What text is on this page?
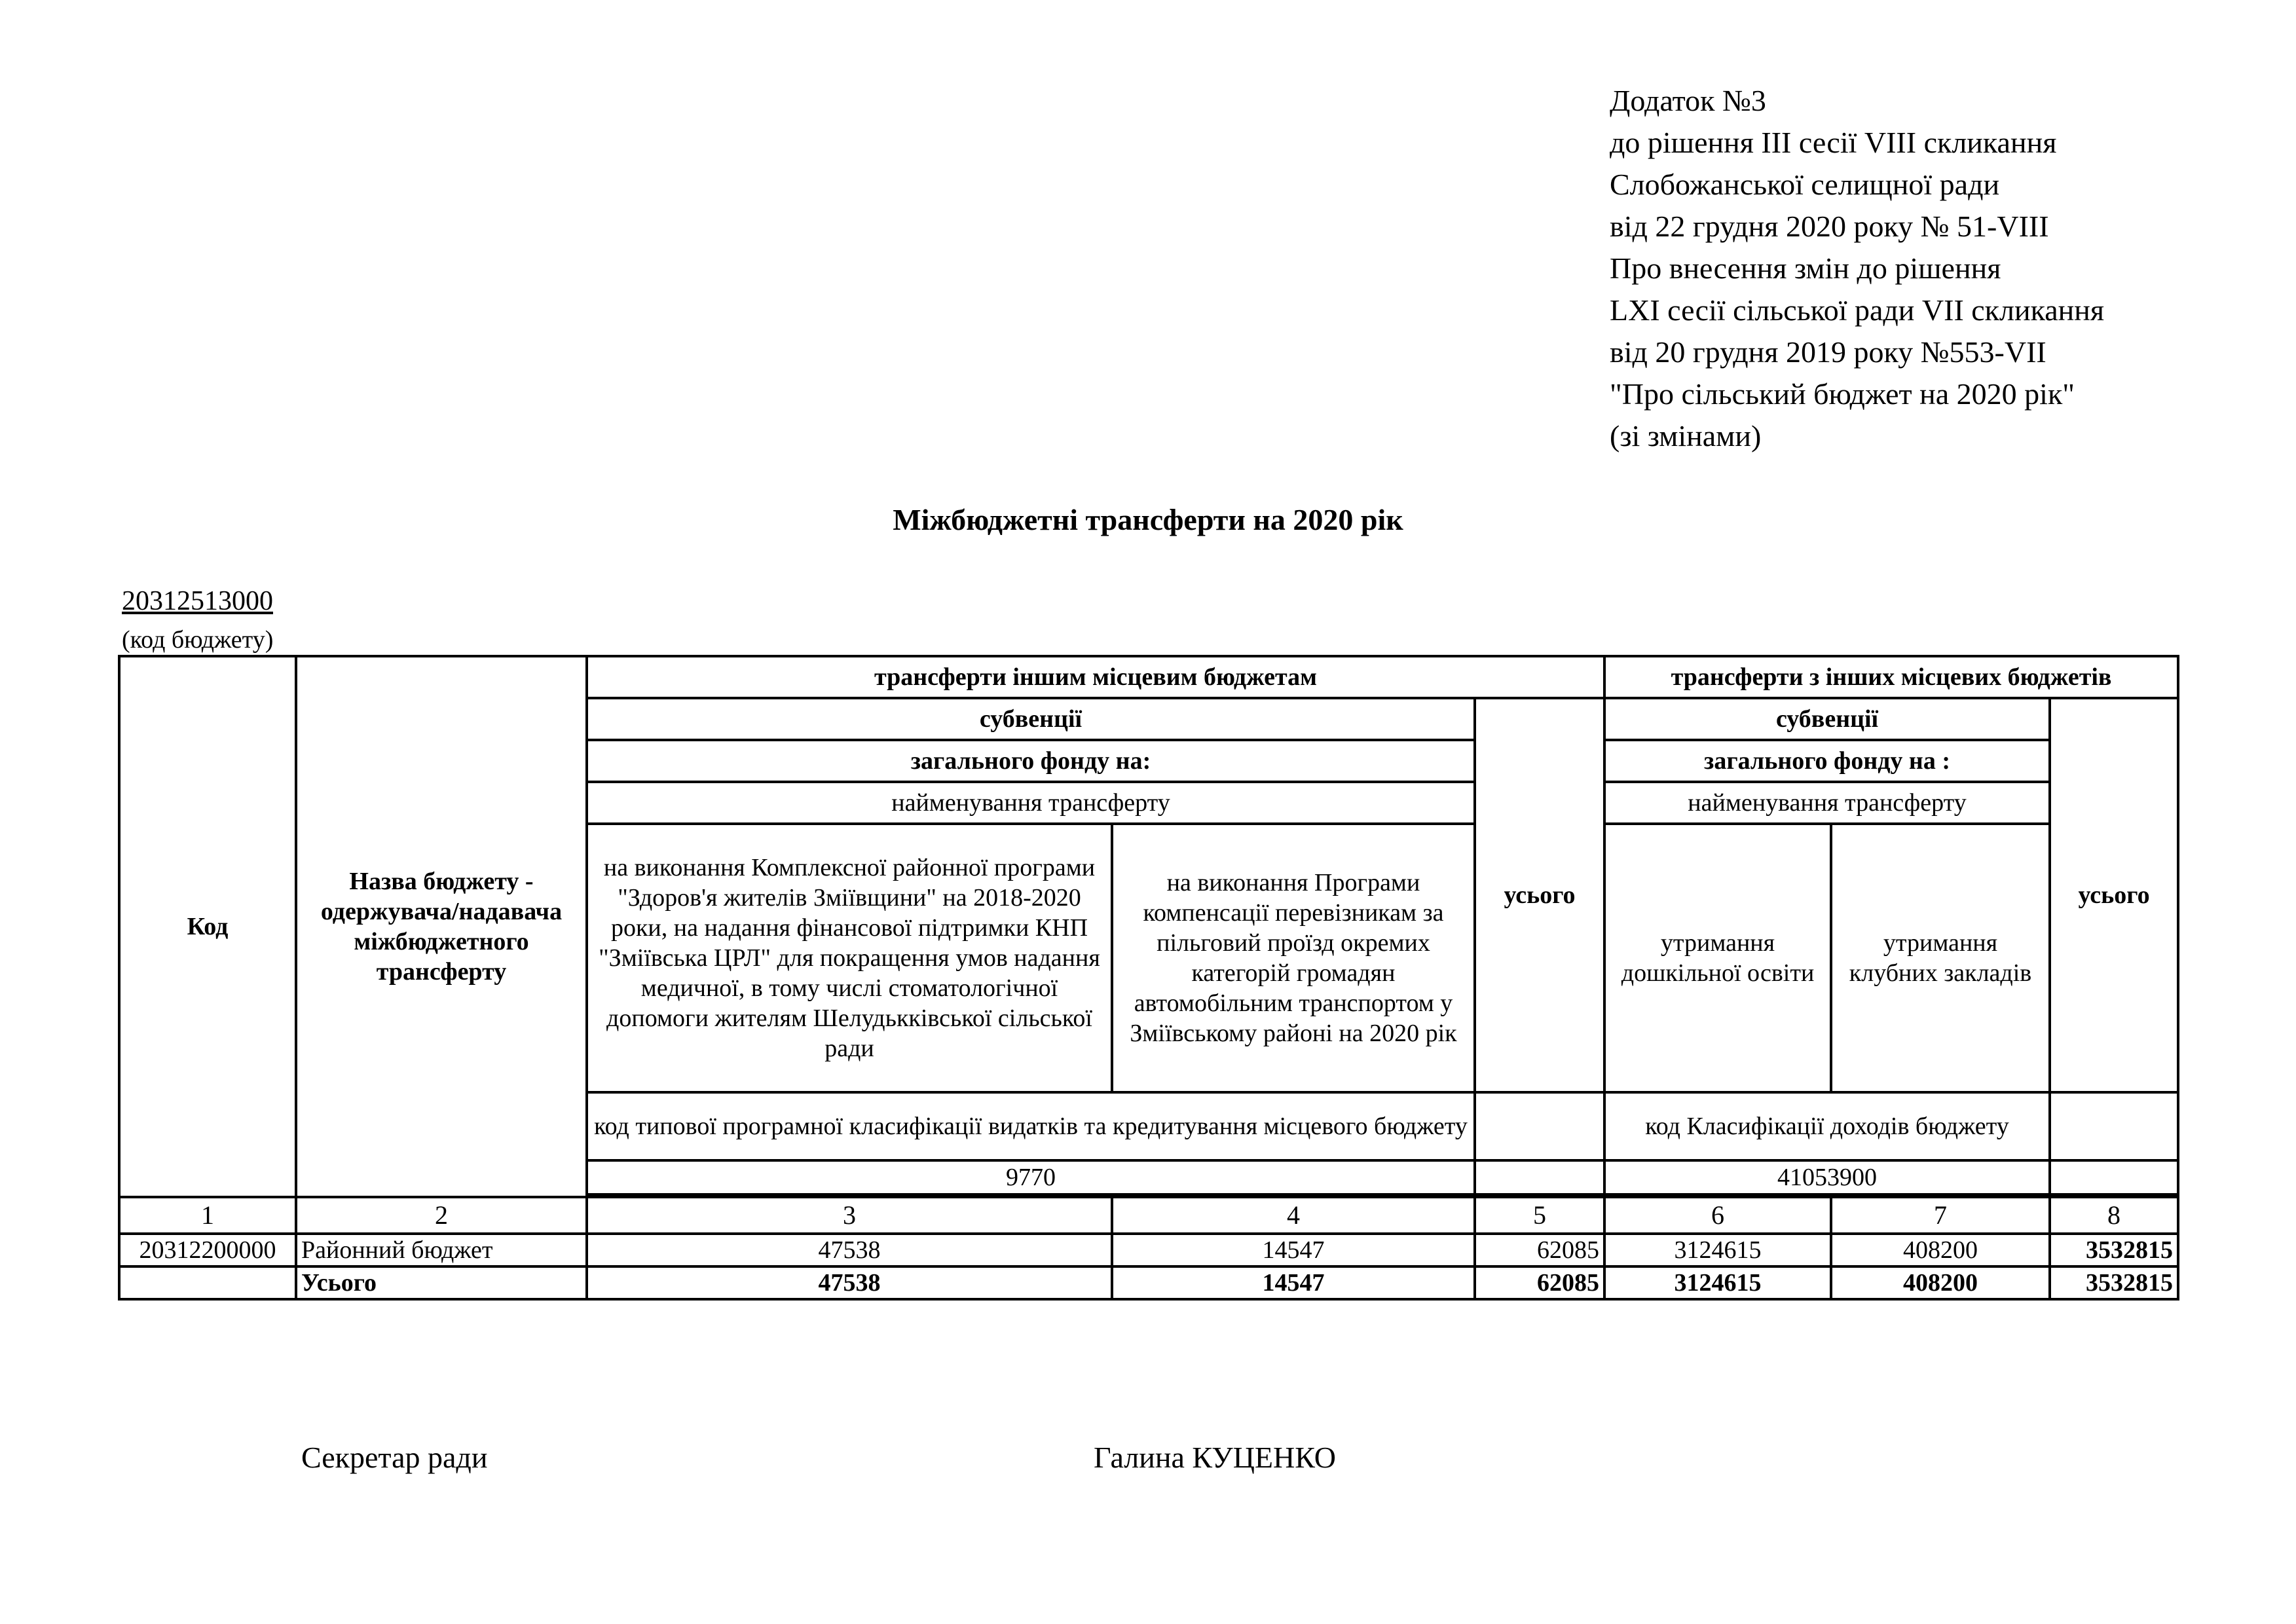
Додаток №3
до рішення ІІІ сесії VІІІ скликання
Слобожанської селищної ради
від 22 грудня 2020 року № 51-VIІІ
Про внесення змін до рішення
LXІ сесії сільської ради VІІ скликання
від 20 грудня 2019 року №553-VІІ
"Про сільський бюджет на 2020 рік"
(зі змінами)
Міжбюджетні трансферти на 2020 рік
20312513000
(код бюджету)
Код	Назва бюджету - одержувача/надавача міжбюджетного трансферту	трансферти іншим місцевим бюджетам			трансферти з інших місцевих бюджетів		
		субвенції		усього	субвенції		усього
		загального фонду на:			загального фонду на :		
		найменування трансферту			найменування трансферту		
		на виконання Комплексної районної програми "Здоров'я жителів Зміївщини" на 2018-2020 роки, на надання фінансової підтримки КНП "Зміївська ЦРЛ" для покращення умов надання медичної, в тому числі стоматологічної допомоги жителям Шелудьккiвської сільської ради	на виконання Програми компенсації перевізникам за пільговий проїзд окремих категорій громадян автомобільним транспортом у Зміївському районі на 2020 рік		утримання дошкільної освіти	утримання клубних закладів	
		код типової програмної класифікації видатків та кредитування місцевого бюджету			код Класифікації доходів бюджету		
		9770			41053900		

1	2	3	4	5	6	7	8
20312200000	Районний бюджет	47538	14547	62085	3124615	408200	3532815
	Усього	47538	14547	62085	3124615	408200	3532815
Секретар ради	Галина КУЦЕНКО
